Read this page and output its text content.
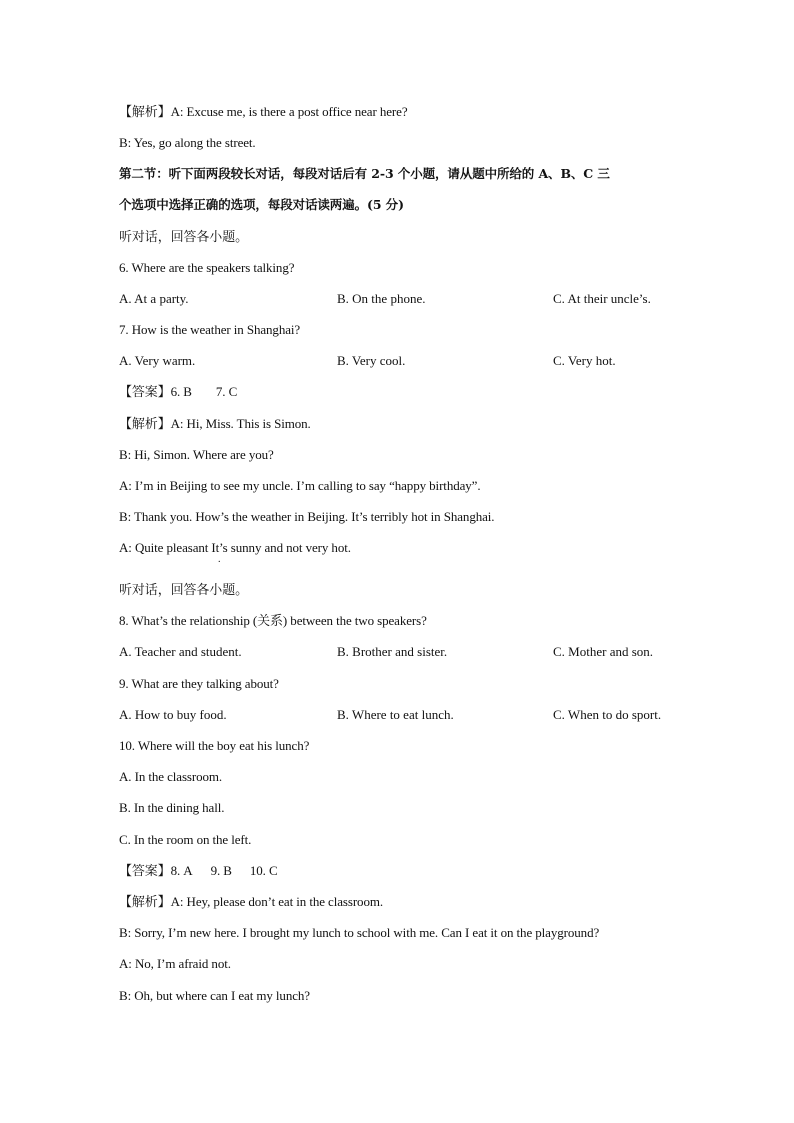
【解析】A: Excuse me, is there a post office near here?
B: Yes, go along the street.
第二节：听下面两段较长对话，每段对话后有 2-3 个小题，请从题中所给的 A、B、C 三
个选项中选择正确的选项，每段对话读两遍。(5 分)
听对话，回答各小题。
6. Where are the speakers talking?
A. At a party.	B. On the phone.	C. At their uncle’s.
7. How is the weather in Shanghai?
A. Very warm.	B. Very cool.	C. Very hot.
【答案】6. B 7. C
【解析】A: Hi, Miss. This is Simon.
B: Hi, Simon. Where are you?
A: I’m in Beijing to see my uncle. I’m calling to say “happy birthday”.
B: Thank you. How’s the weather in Beijing. It’s terribly hot in Shanghai.
A: Quite pleasant It’s sunny and not very hot.
.
听对话，回答各小题。
8. What’s the relationship (关系) between the two speakers?
A. Teacher and student.	B. Brother and sister.	C. Mother and son.
9. What are they talking about?
A. How to buy food.	B. Where to eat lunch.	C. When to do sport.
10. Where will the boy eat his lunch?
A. In the classroom.
B. In the dining hall.
C. In the room on the left.
【答案】8. A 9. B 10. C
【解析】A: Hey, please don’t eat in the classroom.
B: Sorry, I’m new here. I brought my lunch to school with me. Can I eat it on the playground?
A: No, I’m afraid not.
B: Oh, but where can I eat my lunch?
